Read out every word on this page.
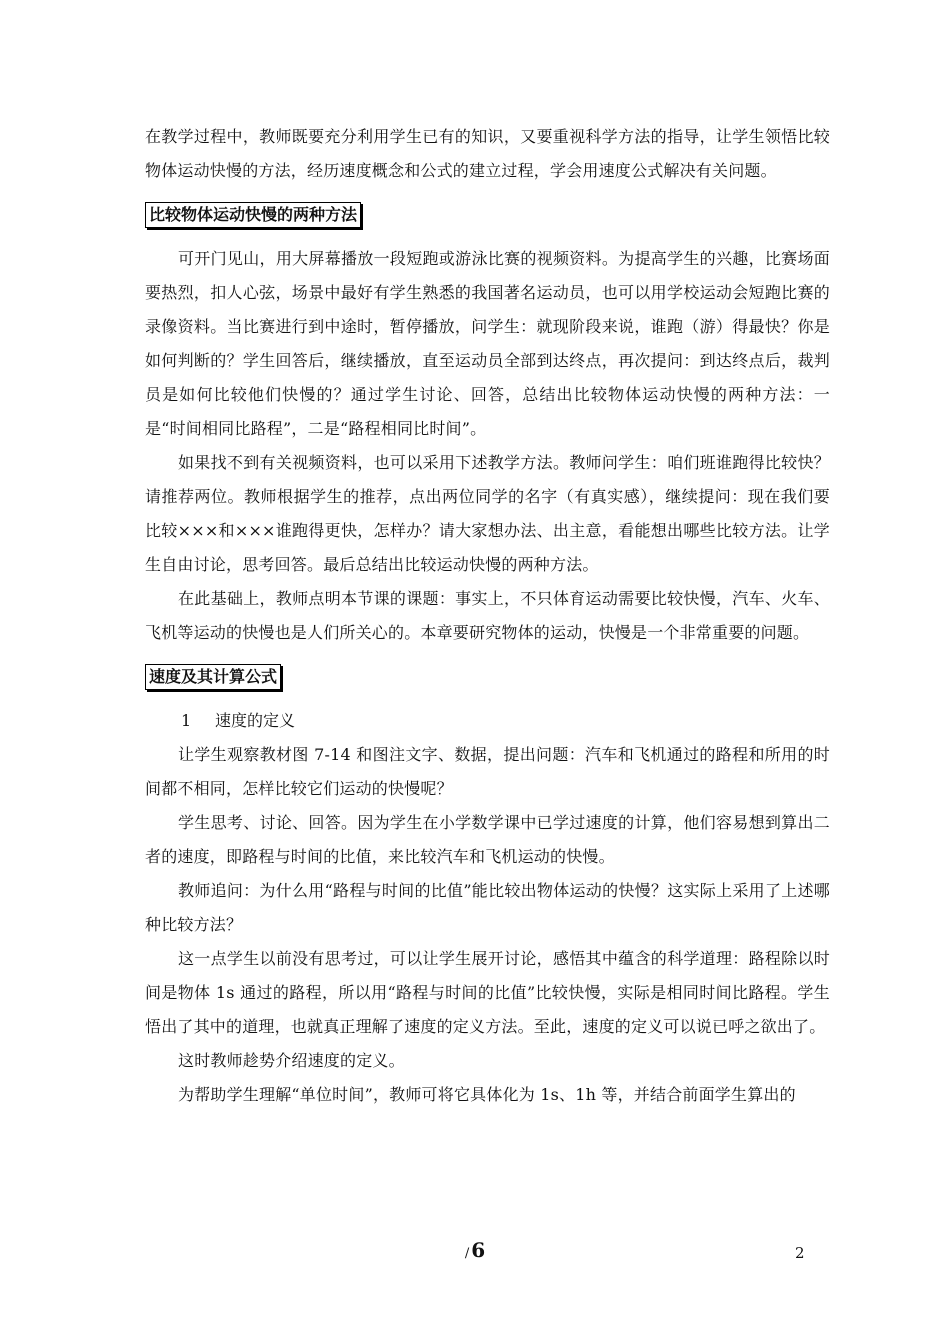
在教学过程中，教师既要充分利用学生已有的知识，又要重视科学方法的指导，让学生领悟比较物体运动快慢的方法，经历速度概念和公式的建立过程，学会用速度公式解决有关问题。

比较物体运动快慢的两种方法

可开门见山，用大屏幕播放一段短跑或游泳比赛的视频资料。为提高学生的兴趣，比赛场面要热烈，扣人心弦，场景中最好有学生熟悉的我国著名运动员，也可以用学校运动会短跑比赛的录像资料。当比赛进行到中途时，暂停播放，问学生：就现阶段来说，谁跑（游）得最快？你是如何判断的？学生回答后，继续播放，直至运动员全部到达终点，再次提问：到达终点后，裁判员是如何比较他们快慢的？通过学生讨论、回答，总结出比较物体运动快慢的两种方法：一是“时间相同比路程”，二是“路程相同比时间”。

如果找不到有关视频资料，也可以采用下述教学方法。教师问学生：咱们班谁跑得比较快？请推荐两位。教师根据学生的推荐，点出两位同学的名字（有真实感），继续提问：现在我们要比较×××和×××谁跑得更快，怎样办？请大家想办法、出主意，看能想出哪些比较方法。让学生自由讨论，思考回答。最后总结出比较运动快慢的两种方法。

在此基础上，教师点明本节课的课题：事实上，不只体育运动需要比较快慢，汽车、火车、飞机等运动的快慢也是人们所关心的。本章要研究物体的运动，快慢是一个非常重要的问题。

速度及其计算公式
1 速度的定义

让学生观察教材图 7-14 和图注文字、数据，提出问题：汽车和飞机通过的路程和所用的时间都不相同，怎样比较它们运动的快慢呢？

学生思考、讨论、回答。因为学生在小学数学课中已学过速度的计算，他们容易想到算出二者的速度，即路程与时间的比值，来比较汽车和飞机运动的快慢。

教师追问：为什么用“路程与时间的比值”能比较出物体运动的快慢？这实际上采用了上述哪种比较方法？

这一点学生以前没有思考过，可以让学生展开讨论，感悟其中蕴含的科学道理：路程除以时间是物体 1s 通过的路程，所以用“路程与时间的比值”比较快慢，实际是相同时间比路程。学生悟出了其中的道理，也就真正理解了速度的定义方法。至此，速度的定义可以说已呼之欲出了。

这时教师趁势介绍速度的定义。

为帮助学生理解“单位时间”，教师可将它具体化为 1s、1h 等，并结合前面学生算出的

/ 6	2
